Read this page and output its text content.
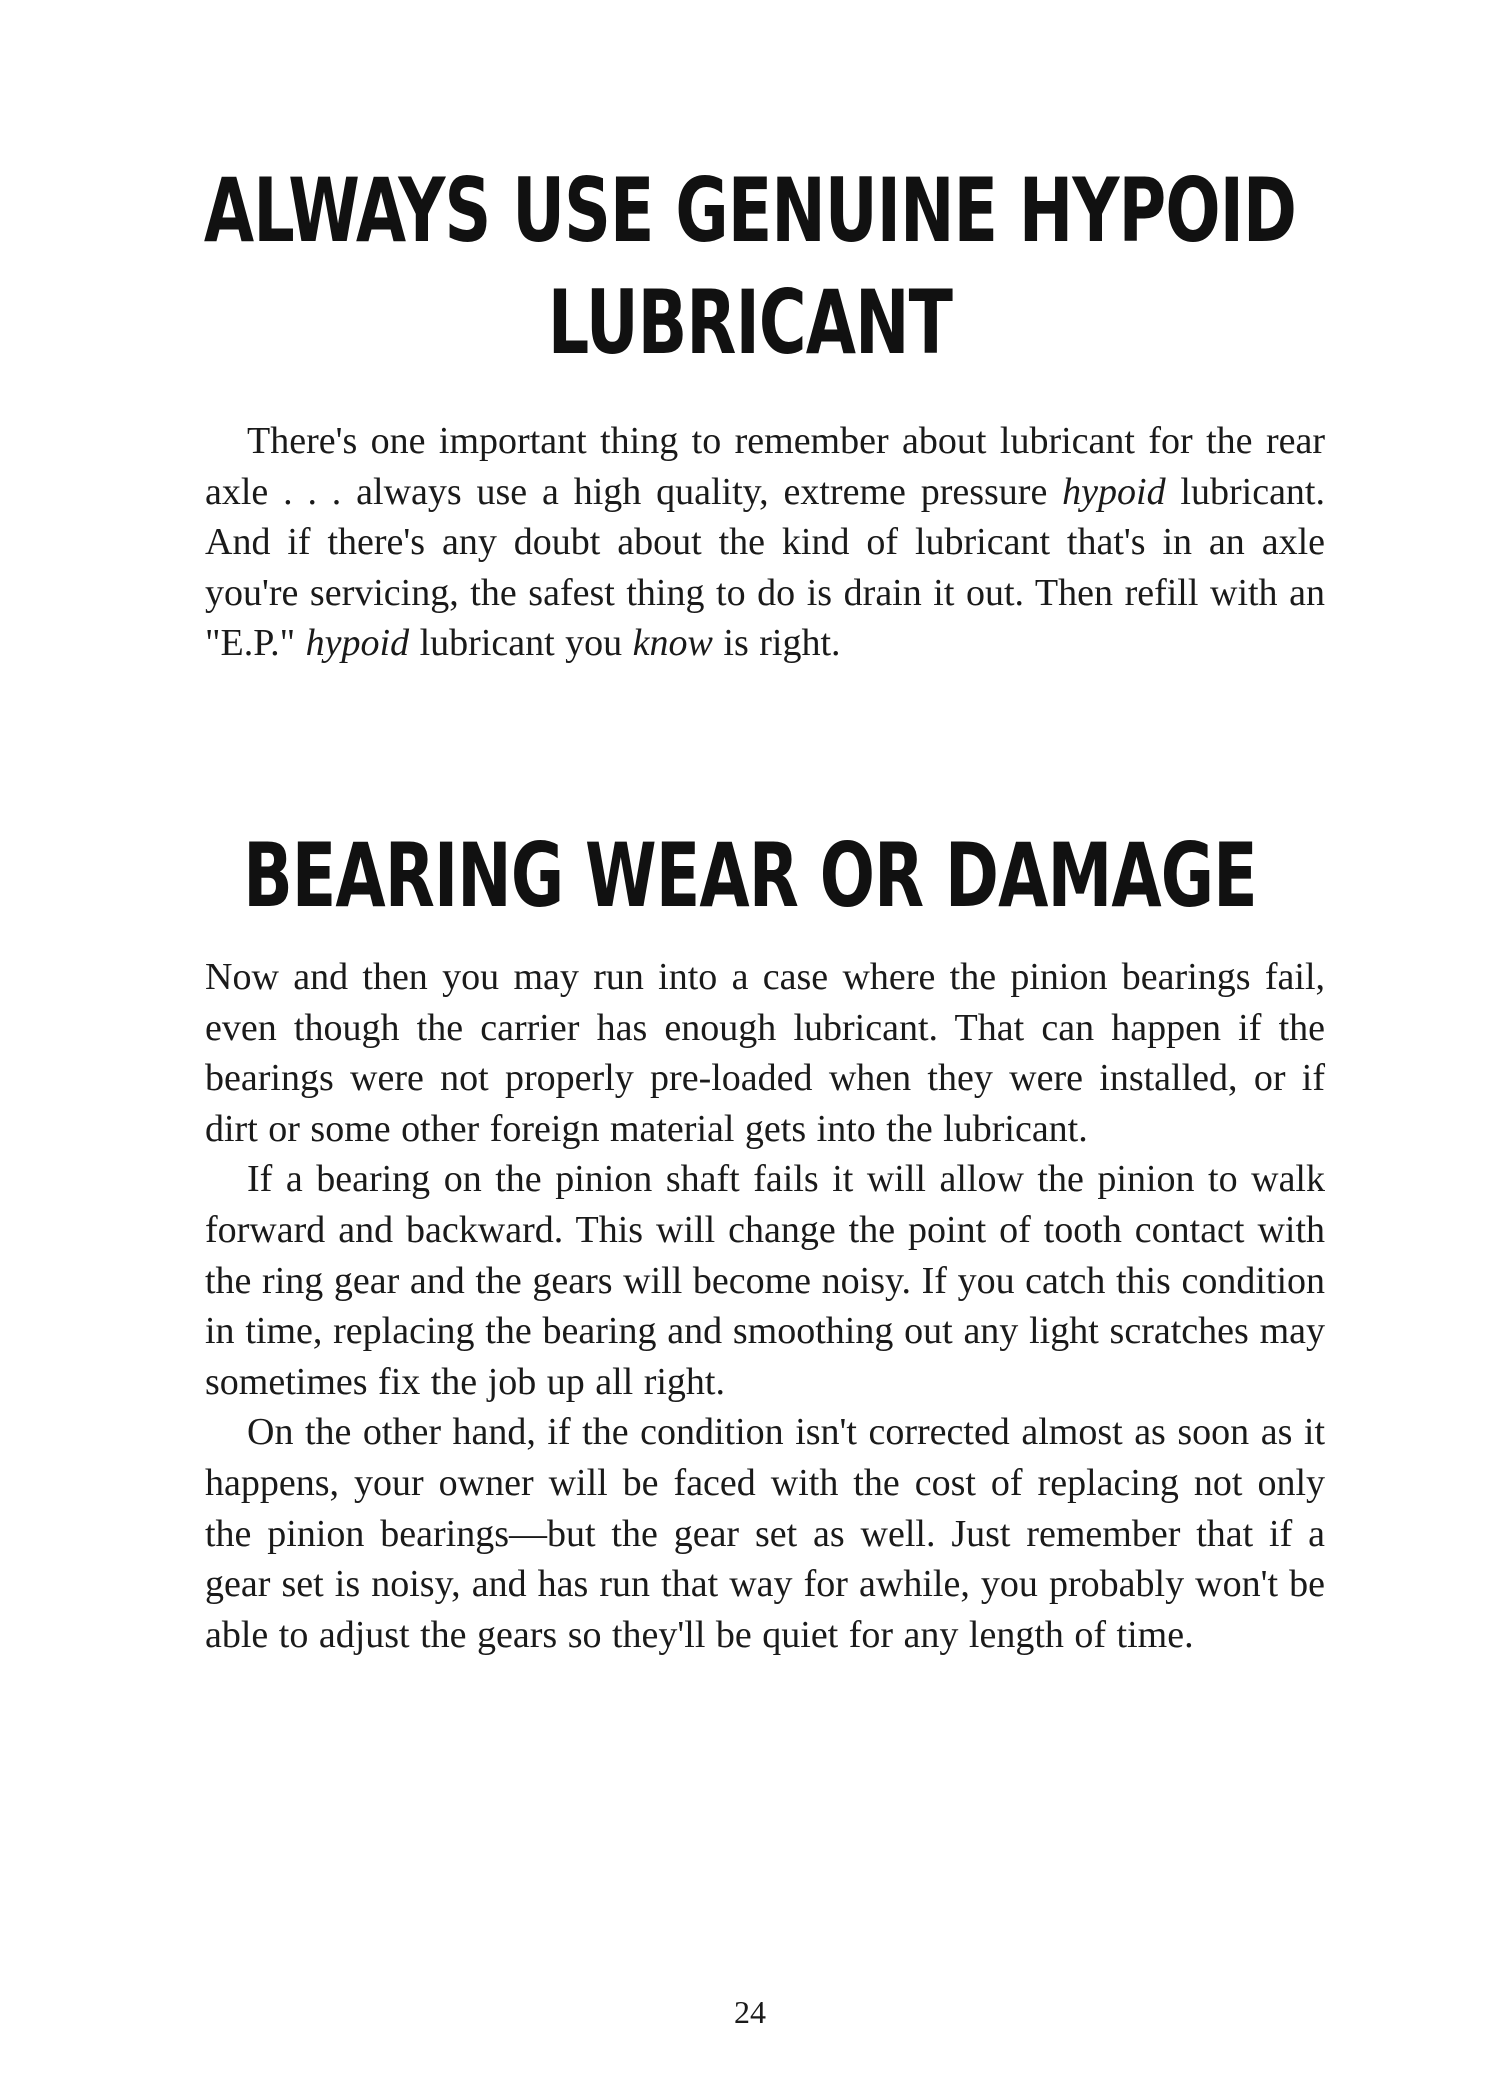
ALWAYS USE GENUINE HYPOID LUBRICANT

There's one important thing to remember about lubricant for the rear axle . . . always use a high quality, extreme pressure hypoid lubricant. And if there's any doubt about the kind of lubricant that's in an axle you're servicing, the safest thing to do is drain it out. Then refill with an "E.P." hypoid lubricant you know is right.

BEARING WEAR OR DAMAGE

Now and then you may run into a case where the pinion bearings fail, even though the carrier has enough lubricant. That can happen if the bearings were not properly pre-loaded when they were installed, or if dirt or some other foreign material gets into the lubricant.

If a bearing on the pinion shaft fails it will allow the pinion to walk forward and backward. This will change the point of tooth contact with the ring gear and the gears will become noisy. If you catch this condition in time, replacing the bearing and smoothing out any light scratches may sometimes fix the job up all right.

On the other hand, if the condition isn't corrected almost as soon as it happens, your owner will be faced with the cost of replacing not only the pinion bearings—but the gear set as well. Just remember that if a gear set is noisy, and has run that way for awhile, you probably won't be able to adjust the gears so they'll be quiet for any length of time.

24
